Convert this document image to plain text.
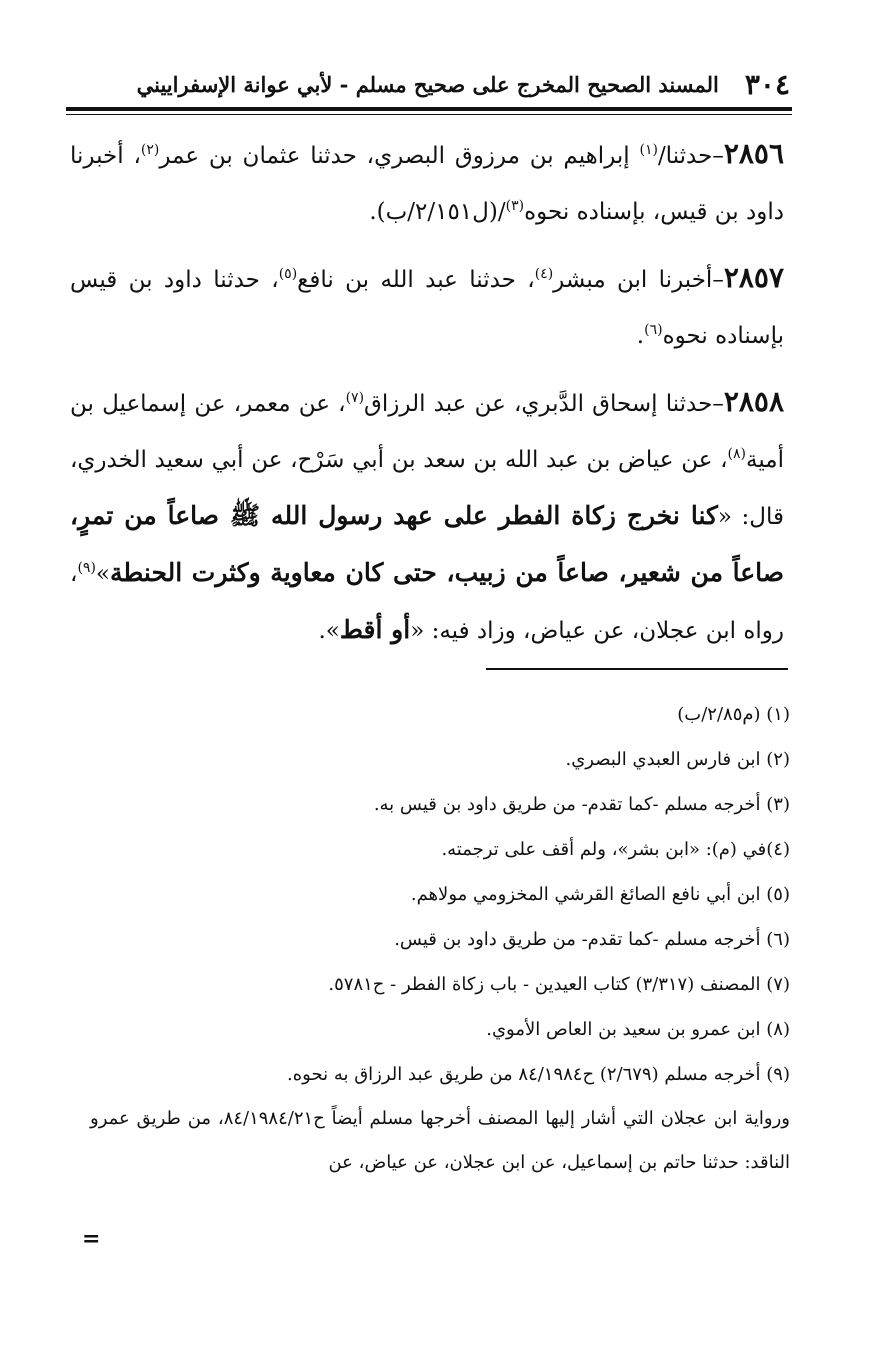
٣٠٤
المسند الصحيح المخرج على صحيح مسلم - لأبي عوانة الإسفراييني

٢٨٥٦–حدثنا/$^{(١)}$ إبراهيم بن مرزوق البصري، حدثنا عثمان بن عمر$^{(٢)}$، أخبرنا داود بن قيس، بإسناده نحوه$^{(٣)}$/(ل٢/١٥١/ب).

٢٨٥٧–أخبرنا ابن مبشر$^{(٤)}$، حدثنا عبد الله بن نافع$^{(٥)}$، حدثنا داود بن قيس بإسناده نحوه$^{(٦)}$.

٢٨٥٨–حدثنا إسحاق الدَّبري، عن عبد الرزاق$^{(٧)}$، عن معمر، عن إسماعيل بن أمية$^{(٨)}$، عن عياض بن عبد الله بن سعد بن أبي سَرْح، عن أبي سعيد الخدري، قال: «كنا نخرج زكاة الفطر على عهد رسول الله ﷺ صاعاً من تمرٍ، صاعاً من شعير، صاعاً من زبيب، حتى كان معاوية وكثرت الحنطة»$^{(٩)}$، رواه ابن عجلان، عن عياض، وزاد فيه: «أو أقط».

(١) (م٢/٨٥/ب)

(٢) ابن فارس العبدي البصري.

(٣) أخرجه مسلم -كما تقدم- من طريق داود بن قيس به.

(٤)في (م): «ابن بشر»، ولم أقف على ترجمته.

(٥) ابن أبي نافع الصائغ القرشي المخزومي مولاهم.

(٦) أخرجه مسلم -كما تقدم- من طريق داود بن قيس.

(٧) المصنف (٣/٣١٧) كتاب العيدين - باب زكاة الفطر - ح٥٧٨١.

(٨) ابن عمرو بن سعيد بن العاص الأموي.

(٩) أخرجه مسلم (٢/٦٧٩) ح٨٤/١٩٨٤ من طريق عبد الرزاق به نحوه.

ورواية ابن عجلان التي أشار إليها المصنف أخرجها مسلم أيضاً ح٨٤/١٩٨٤/٢١، من طريق عمرو الناقد: حدثنا حاتم بن إسماعيل، عن ابن عجلان، عن عياض، عن

=
